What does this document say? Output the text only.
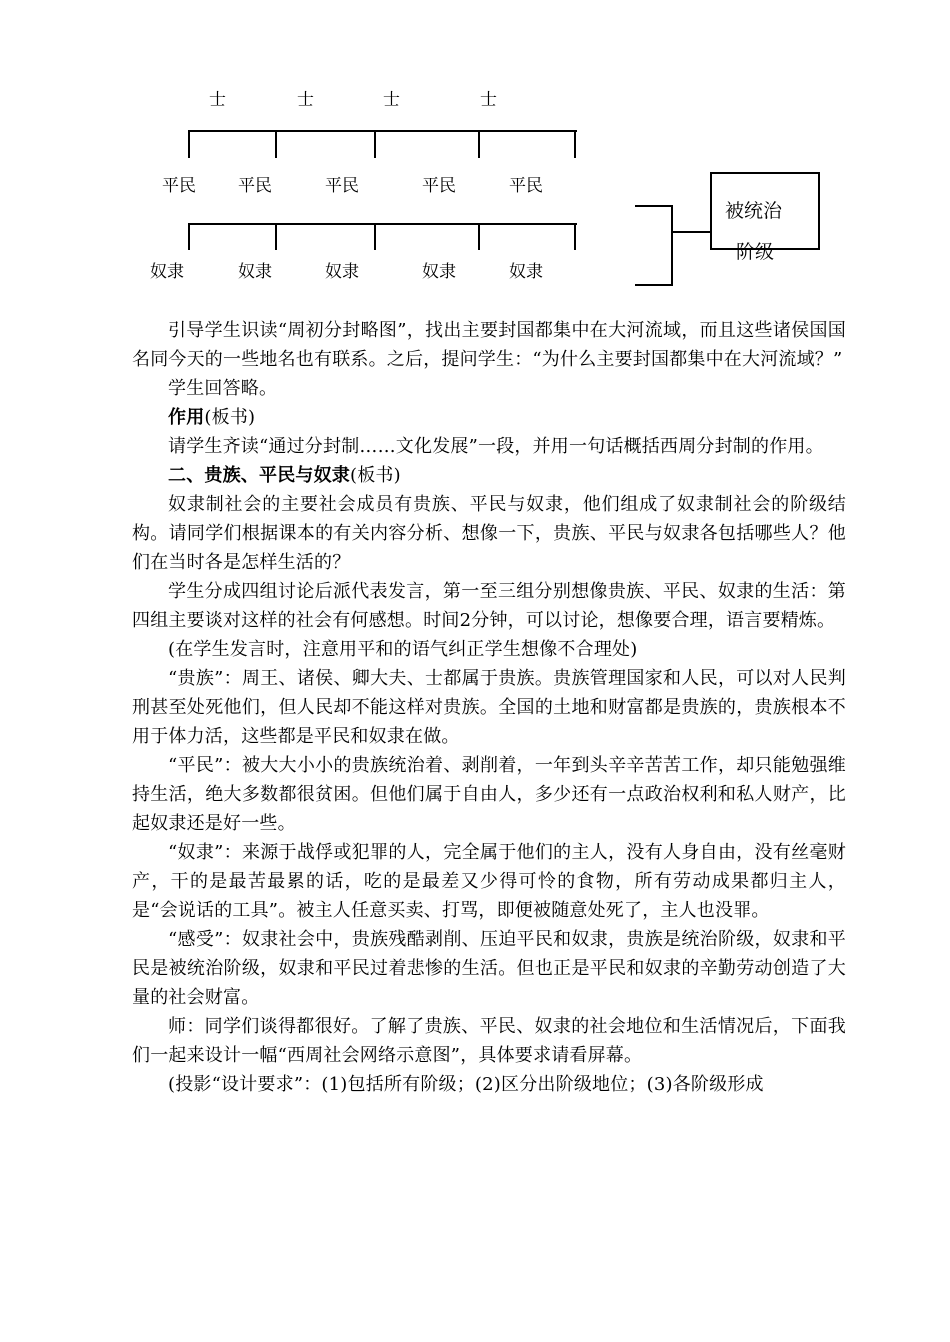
士	士	士	士
平民 平民	平民	平民	平民
奴隶	奴隶	奴隶	奴隶	奴隶
被统治
阶级

引导学生识读“周初分封略图”，找出主要封国都集中在大河流域，而且这些诸侯国国名同今天的一些地名也有联系。之后，提问学生：“为什么主要封国都集中在大河流域？”

学生回答略。

作用(板书)

请学生齐读“通过分封制……文化发展”一段，并用一句话概括西周分封制的作用。

二、贵族、平民与奴隶(板书)

奴隶制社会的主要社会成员有贵族、平民与奴隶，他们组成了奴隶制社会的阶级结构。请同学们根据课本的有关内容分析、想像一下，贵族、平民与奴隶各包括哪些人？他们在当时各是怎样生活的？

学生分成四组讨论后派代表发言，第一至三组分别想像贵族、平民、奴隶的生活：第四组主要谈对这样的社会有何感想。时间2分钟，可以讨论，想像要合理，语言要精炼。

(在学生发言时，注意用平和的语气纠正学生想像不合理处)

“贵族”：周王、诸侯、卿大夫、士都属于贵族。贵族管理国家和人民，可以对人民判刑甚至处死他们，但人民却不能这样对贵族。全国的土地和财富都是贵族的，贵族根本不用于体力活，这些都是平民和奴隶在做。

“平民”：被大大小小的贵族统治着、剥削着，一年到头辛辛苦苦工作，却只能勉强维持生活，绝大多数都很贫困。但他们属于自由人，多少还有一点政治权利和私人财产，比起奴隶还是好一些。

“奴隶”：来源于战俘或犯罪的人，完全属于他们的主人，没有人身自由，没有丝毫财产，干的是最苦最累的话，吃的是最差又少得可怜的食物，所有劳动成果都归主人，是“会说话的工具”。被主人任意买卖、打骂，即便被随意处死了，主人也没罪。

“感受”：奴隶社会中，贵族残酷剥削、压迫平民和奴隶，贵族是统治阶级，奴隶和平民是被统治阶级，奴隶和平民过着悲惨的生活。但也正是平民和奴隶的辛勤劳动创造了大量的社会财富。

师：同学们谈得都很好。了解了贵族、平民、奴隶的社会地位和生活情况后，下面我们一起来设计一幅“西周社会网络示意图”，具体要求请看屏幕。

(投影“设计要求”：(1)包括所有阶级；(2)区分出阶级地位；(3)各阶级形成
